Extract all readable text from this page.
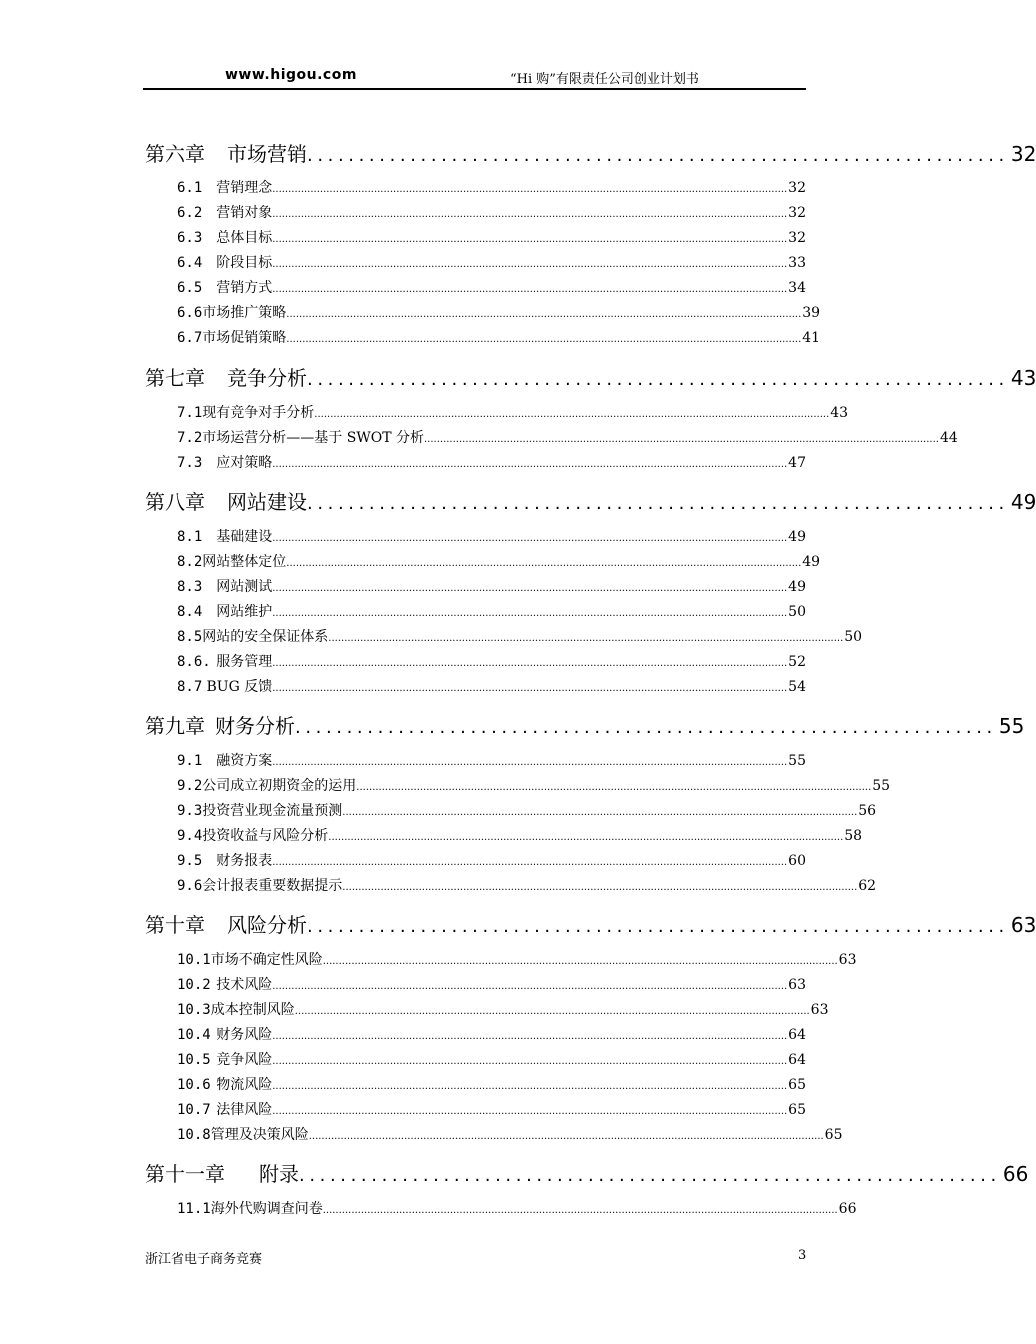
www.higou.com	“Hi 购”有限责任公司创业计划书
第六章 市场营销 .................................................................... 32
6.1 营销理念 .................................................................................................................................................................. 32
6.2 营销对象 .................................................................................................................................................................. 32
6.3 总体目标 .................................................................................................................................................................. 32
6.4 阶段目标 .................................................................................................................................................................. 33
6.5 营销方式 .................................................................................................................................................................. 34
6.6 市场推广策略 .................................................................................................................................................................. 39
6.7 市场促销策略 .................................................................................................................................................................. 41
第七章 竞争分析 .................................................................... 43
7.1 现有竞争对手分析 .................................................................................................................................................................. 43
7.2 市场运营分析——基于 SWOT 分析 .................................................................................................................................................................. 44
7.3 应对策略 .................................................................................................................................................................. 47
第八章 网站建设 .................................................................... 49
8.1 基础建设 .................................................................................................................................................................. 49
8.2 网站整体定位 .................................................................................................................................................................. 49
8.3 网站测试 .................................................................................................................................................................. 49
8.4 网站维护 .................................................................................................................................................................. 50
8.5 网站的安全保证体系 .................................................................................................................................................................. 50
8.6. 服务管理 .................................................................................................................................................................. 52
8.7 BUG 反馈 .................................................................................................................................................................. 54
第九章 财务分析 .................................................................... 55
9.1 融资方案 .................................................................................................................................................................. 55
9.2 公司成立初期资金的运用 .................................................................................................................................................................. 55
9.3 投资营业现金流量预测 .................................................................................................................................................................. 56
9.4 投资收益与风险分析 .................................................................................................................................................................. 58
9.5 财务报表 .................................................................................................................................................................. 60
9.6 会计报表重要数据提示 .................................................................................................................................................................. 62
第十章 风险分析 .................................................................... 63
10.1 市场不确定性风险 .................................................................................................................................................................. 63
10.2 技术风险 .................................................................................................................................................................. 63
10.3 成本控制风险 .................................................................................................................................................................. 63
10.4 财务风险 .................................................................................................................................................................. 64
10.5 竞争风险 .................................................................................................................................................................. 64
10.6 物流风险 .................................................................................................................................................................. 65
10.7 法律风险 .................................................................................................................................................................. 65
10.8 管理及决策风险 .................................................................................................................................................................. 65
第十一章 附录 .................................................................... 66
11.1 海外代购调查问卷 .................................................................................................................................................................. 66
浙江省电子商务竞赛	3
